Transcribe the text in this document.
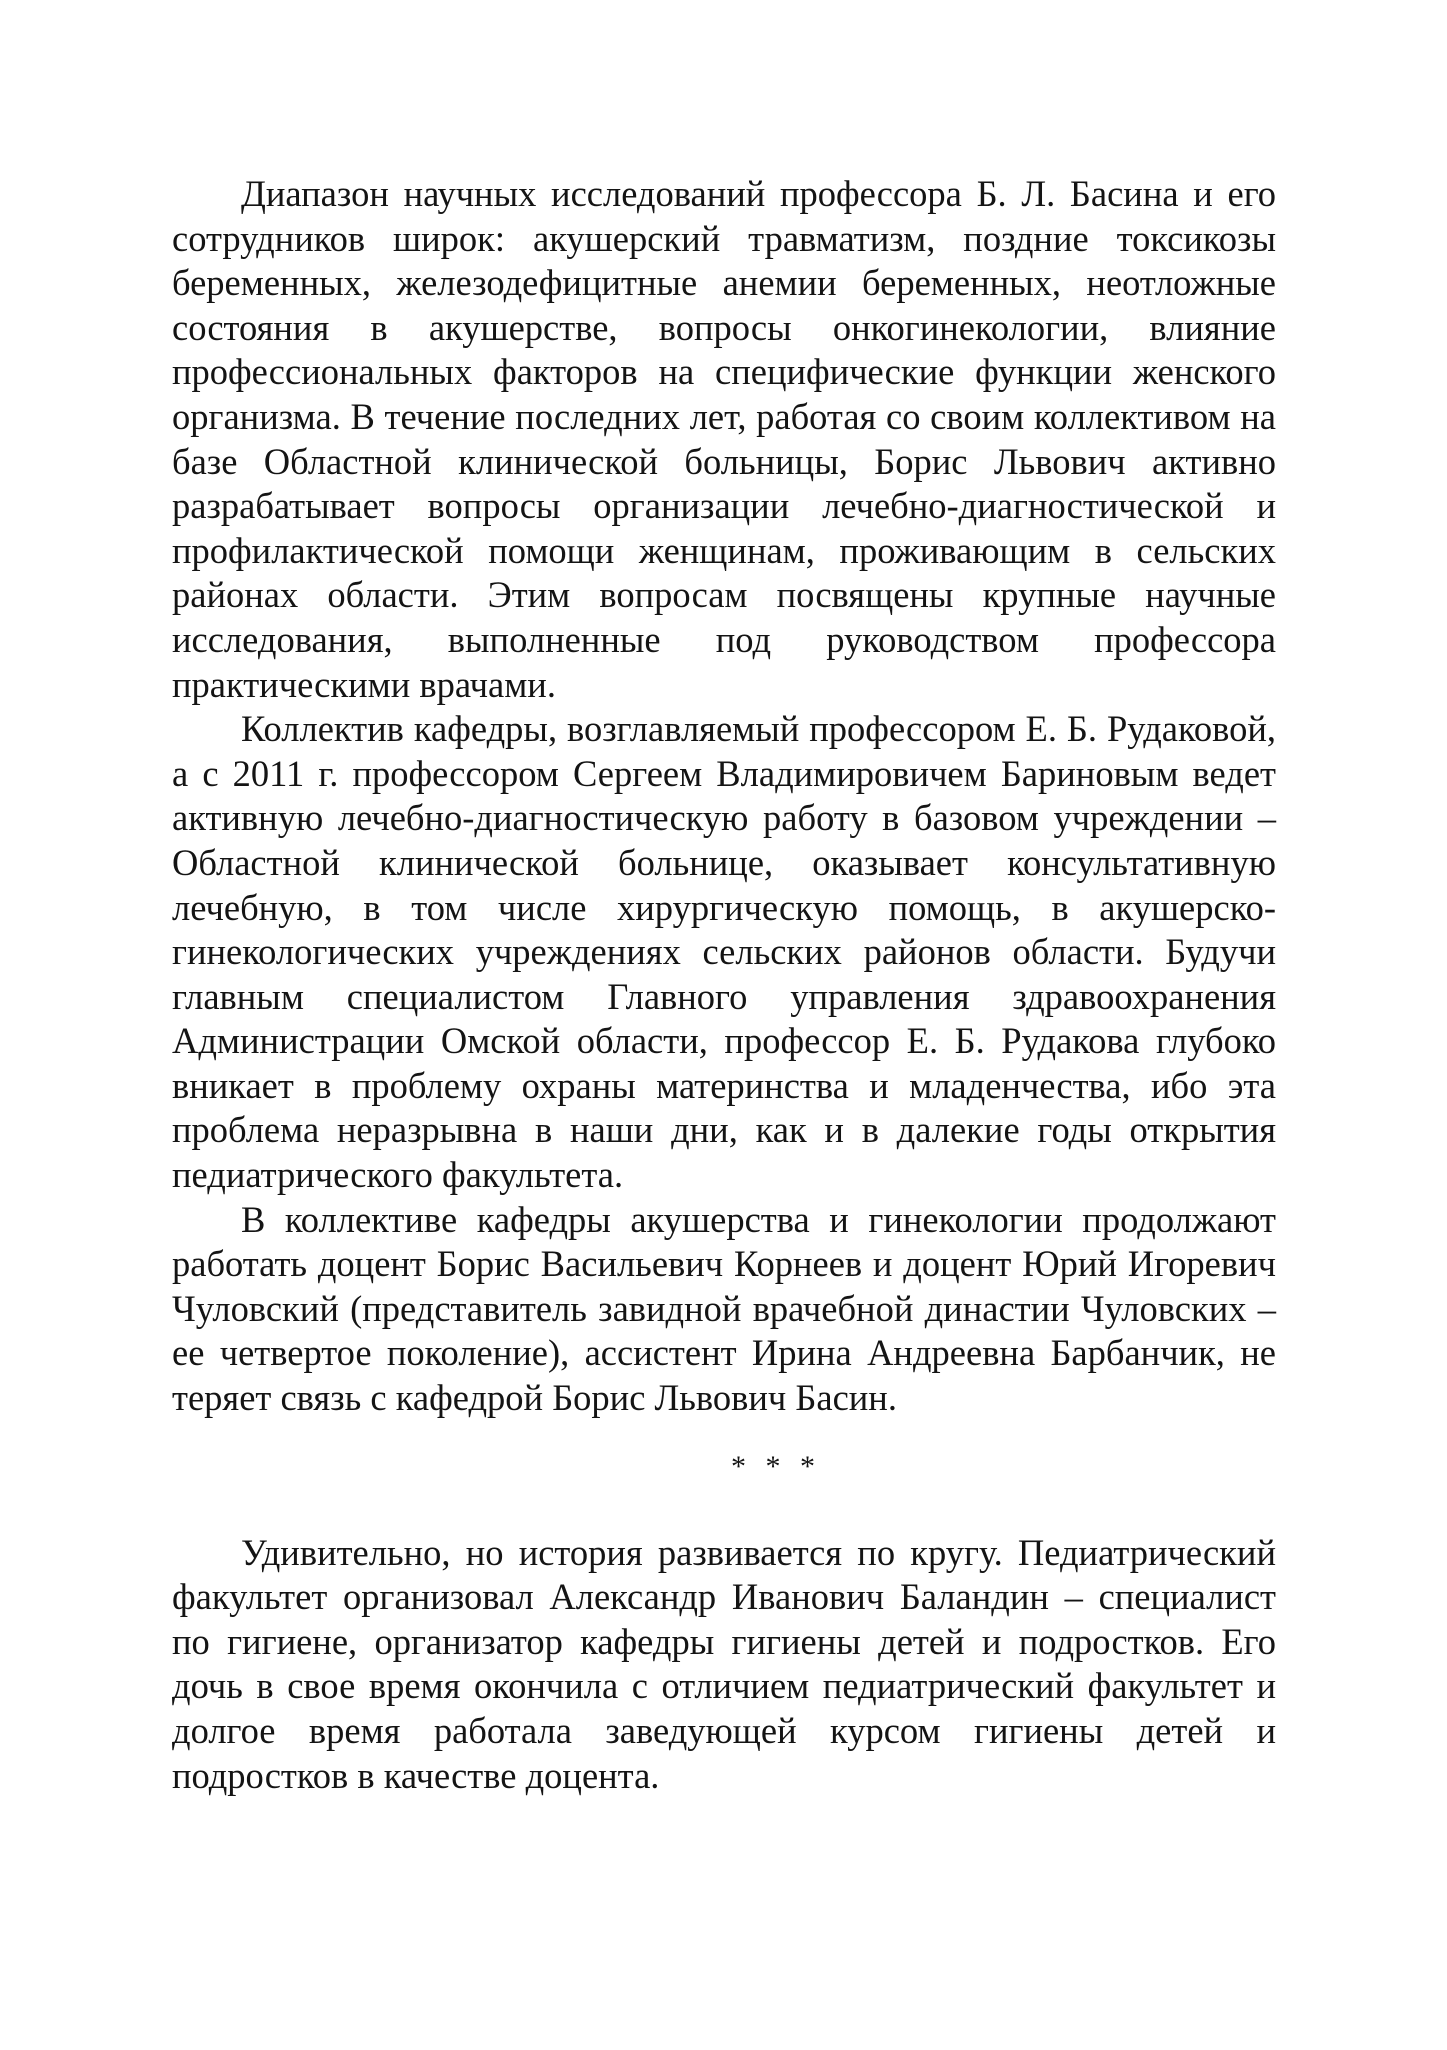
Диапазон научных исследований профессора Б. Л. Басина и его сотрудников широк: акушерский травматизм, поздние токсикозы беременных, железодефицитные анемии беременных, неотложные состояния в акушерстве, вопросы онкогинекологии, влияние профессиональных факторов на специфические функции женского организма. В течение последних лет, работая со своим коллективом на базе Областной клинической больницы, Борис Львович активно разрабатывает вопросы организации лечебно-диагностической и профилактической помощи женщинам, проживающим в сельских районах области. Этим вопросам посвящены крупные научные исследования, выполненные под руководством профессора практическими врачами.

Коллектив кафедры, возглавляемый профессором Е. Б. Рудаковой, а с 2011 г. профессором Сергеем Владимировичем Бариновым ведет активную лечебно-диагностическую работу в базовом учреждении – Областной клинической больнице, оказывает консультативную лечебную, в том числе хирургическую помощь, в акушерско-гинекологических учреждениях сельских районов области. Будучи главным специалистом Главного управления здравоохранения Администрации Омской области, профессор Е. Б. Рудакова глубоко вникает в проблему охраны материнства и младенчества, ибо эта проблема неразрывна в наши дни, как и в далекие годы открытия педиатрического факультета.

В коллективе кафедры акушерства и гинекологии продолжают работать доцент Борис Васильевич Корнеев и доцент Юрий Игоревич Чуловский (представитель завидной врачебной династии Чуловских – ее четвертое поколение), ассистент Ирина Андреевна Барбанчик, не теряет связь с кафедрой Борис Львович Басин.

* * *

Удивительно, но история развивается по кругу. Педиатрический факультет организовал Александр Иванович Баландин – специалист по гигиене, организатор кафедры гигиены детей и подростков. Его дочь в свое время окончила с отличием педиатрический факультет и долгое время работала заведующей курсом гигиены детей и подростков в качестве доцента.
